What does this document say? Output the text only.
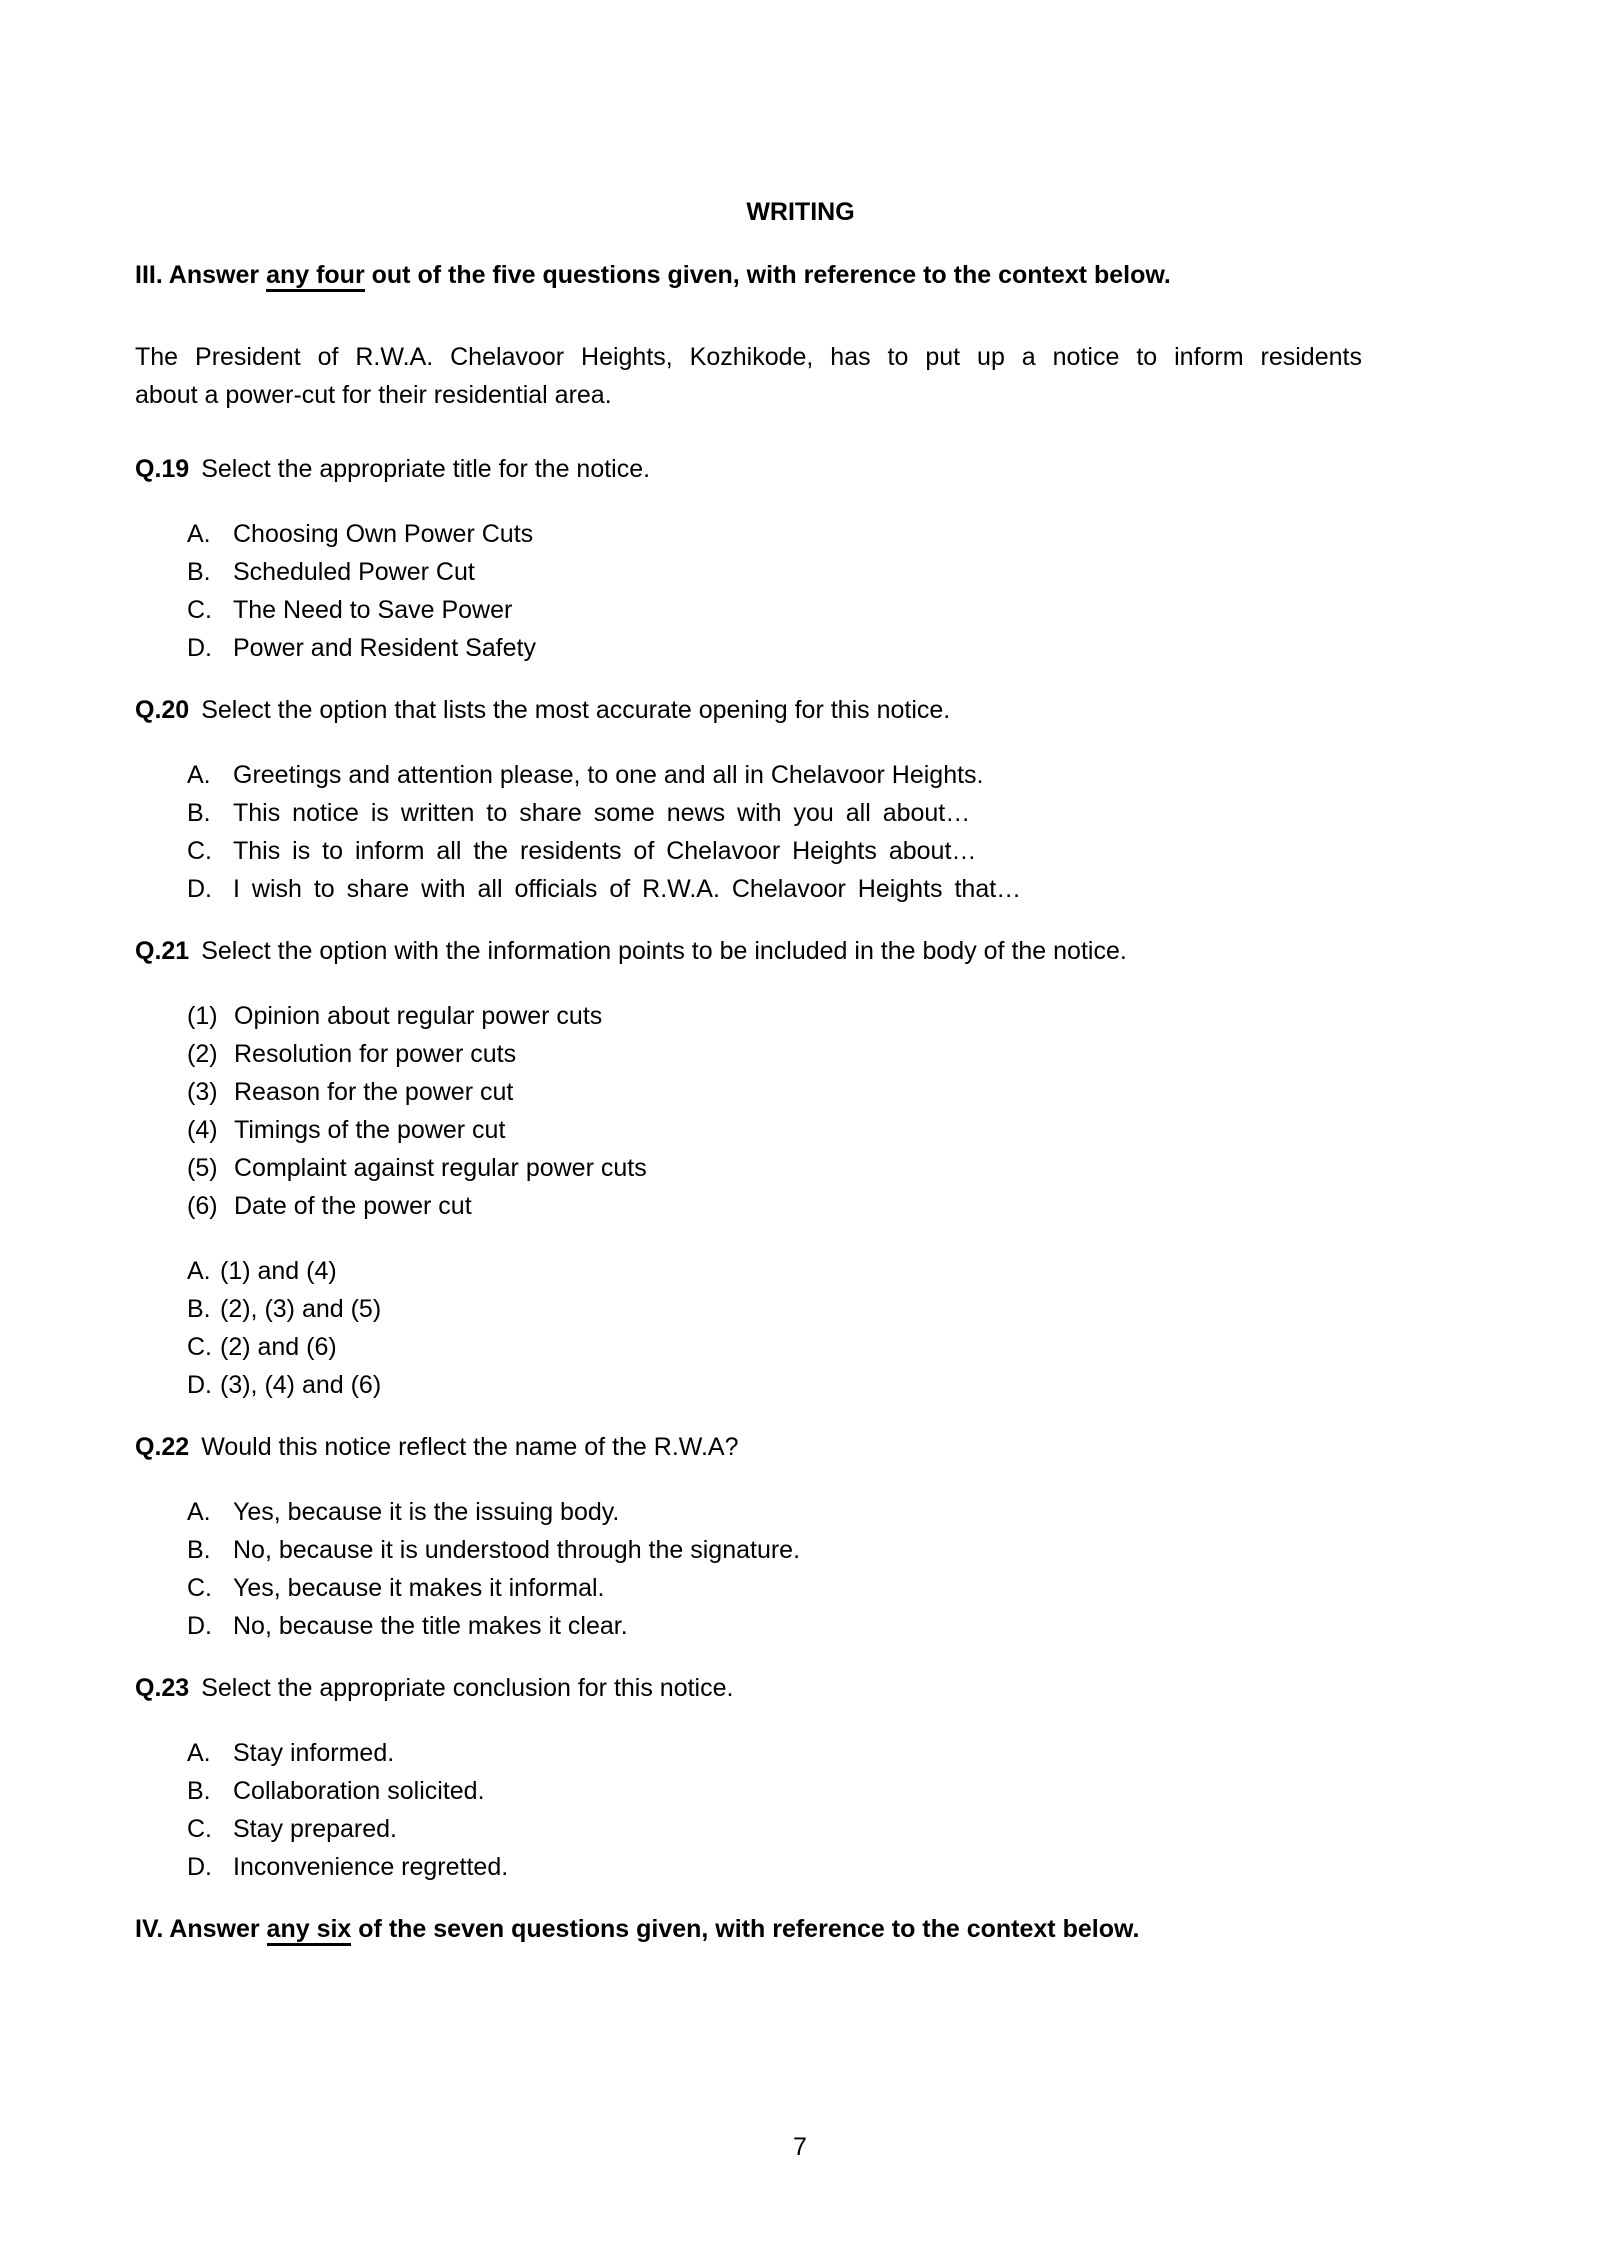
WRITING

III. Answer any four out of the five questions given, with reference to the context below.

The President of R.W.A. Chelavoor Heights, Kozhikode, has to put up a notice to inform residents
about a power-cut for their residential area.

Q.19 Select the appropriate title for the notice.

A. Choosing Own Power Cuts
B. Scheduled Power Cut
C. The Need to Save Power
D. Power and Resident Safety

Q.20 Select the option that lists the most accurate opening for this notice.

A. Greetings and attention please, to one and all in Chelavoor Heights.
B. This notice is written to share some news with you all about…
C. This is to inform all the residents of Chelavoor Heights about…
D. I wish to share with all officials of R.W.A. Chelavoor Heights that…

Q.21 Select the option with the information points to be included in the body of the notice.

(1) Opinion about regular power cuts
(2) Resolution for power cuts
(3) Reason for the power cut
(4) Timings of the power cut
(5) Complaint against regular power cuts
(6) Date of the power cut
A. (1) and (4)
B. (2), (3) and (5)
C. (2) and (6)
D. (3), (4) and (6)

Q.22 Would this notice reflect the name of the R.W.A?

A. Yes, because it is the issuing body.
B. No, because it is understood through the signature.
C. Yes, because it makes it informal.
D. No, because the title makes it clear.

Q.23 Select the appropriate conclusion for this notice.

A. Stay informed.
B. Collaboration solicited.
C. Stay prepared.
D. Inconvenience regretted.

IV. Answer any six of the seven questions given, with reference to the context below.

7
